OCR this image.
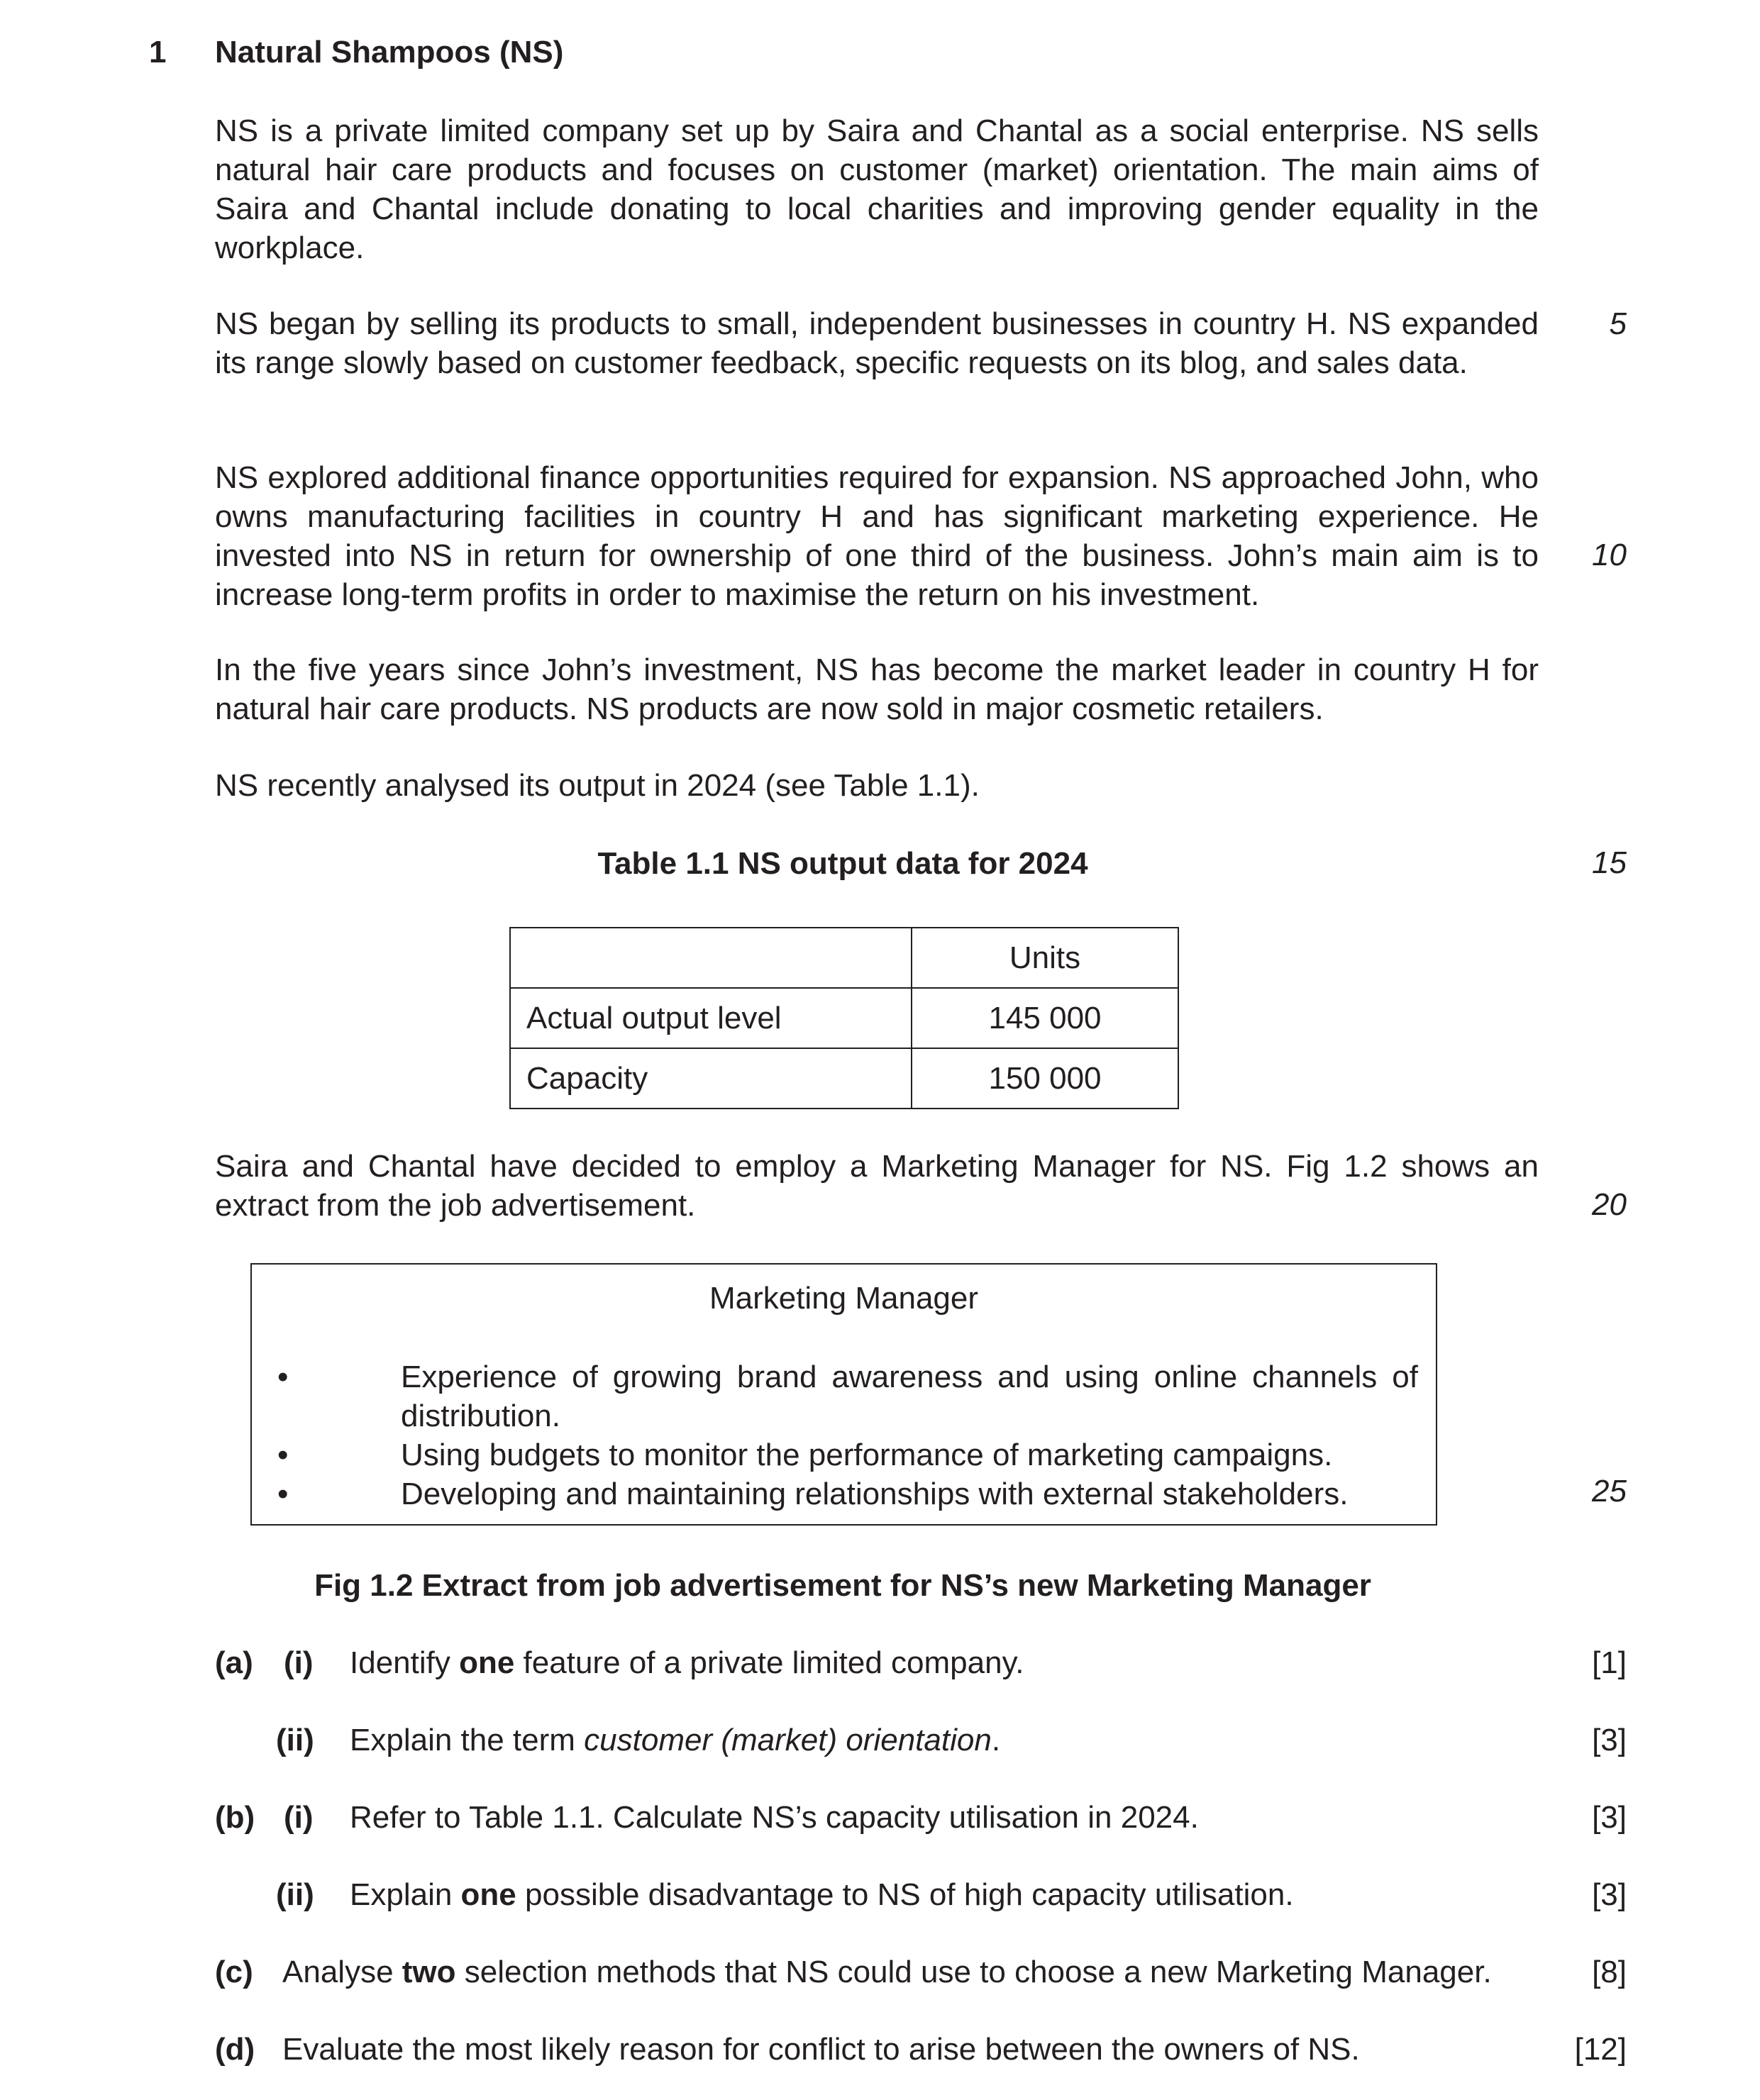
1 Natural Shampoos (NS)
NS is a private limited company set up by Saira and Chantal as a social enterprise. NS sells natural hair care products and focuses on customer (market) orientation. The main aims of Saira and Chantal include donating to local charities and improving gender equality in the workplace.
NS began by selling its products to small, independent businesses in country H. NS expanded its range slowly based on customer feedback, specific requests on its blog, and sales data.
NS explored additional finance opportunities required for expansion. NS approached John, who owns manufacturing facilities in country H and has significant marketing experience. He invested into NS in return for ownership of one third of the business. John’s main aim is to increase long-term profits in order to maximise the return on his investment.
In the five years since John’s investment, NS has become the market leader in country H for natural hair care products. NS products are now sold in major cosmetic retailers.
NS recently analysed its output in 2024 (see Table 1.1).
5
10
15
20
25
Table 1.1 NS output data for 2024
	Units
Actual output level	145 000
Capacity	150 000
Saira and Chantal have decided to employ a Marketing Manager for NS. Fig 1.2 shows an extract from the job advertisement.
Marketing Manager
•	Experience of growing brand awareness and using online channels of distribution.
•	Using budgets to monitor the performance of marketing campaigns.
•	Developing and maintaining relationships with external stakeholders.
Fig 1.2 Extract from job advertisement for NS’s new Marketing Manager
(a) (i) Identify one feature of a private limited company.	[1]
(ii) Explain the term customer (market) orientation.	[3]
(b) (i) Refer to Table 1.1. Calculate NS’s capacity utilisation in 2024.	[3]
(ii) Explain one possible disadvantage to NS of high capacity utilisation.	[3]
(c) Analyse two selection methods that NS could use to choose a new Marketing Manager.	[8]
(d) Evaluate the most likely reason for conflict to arise between the owners of NS.	[12]
